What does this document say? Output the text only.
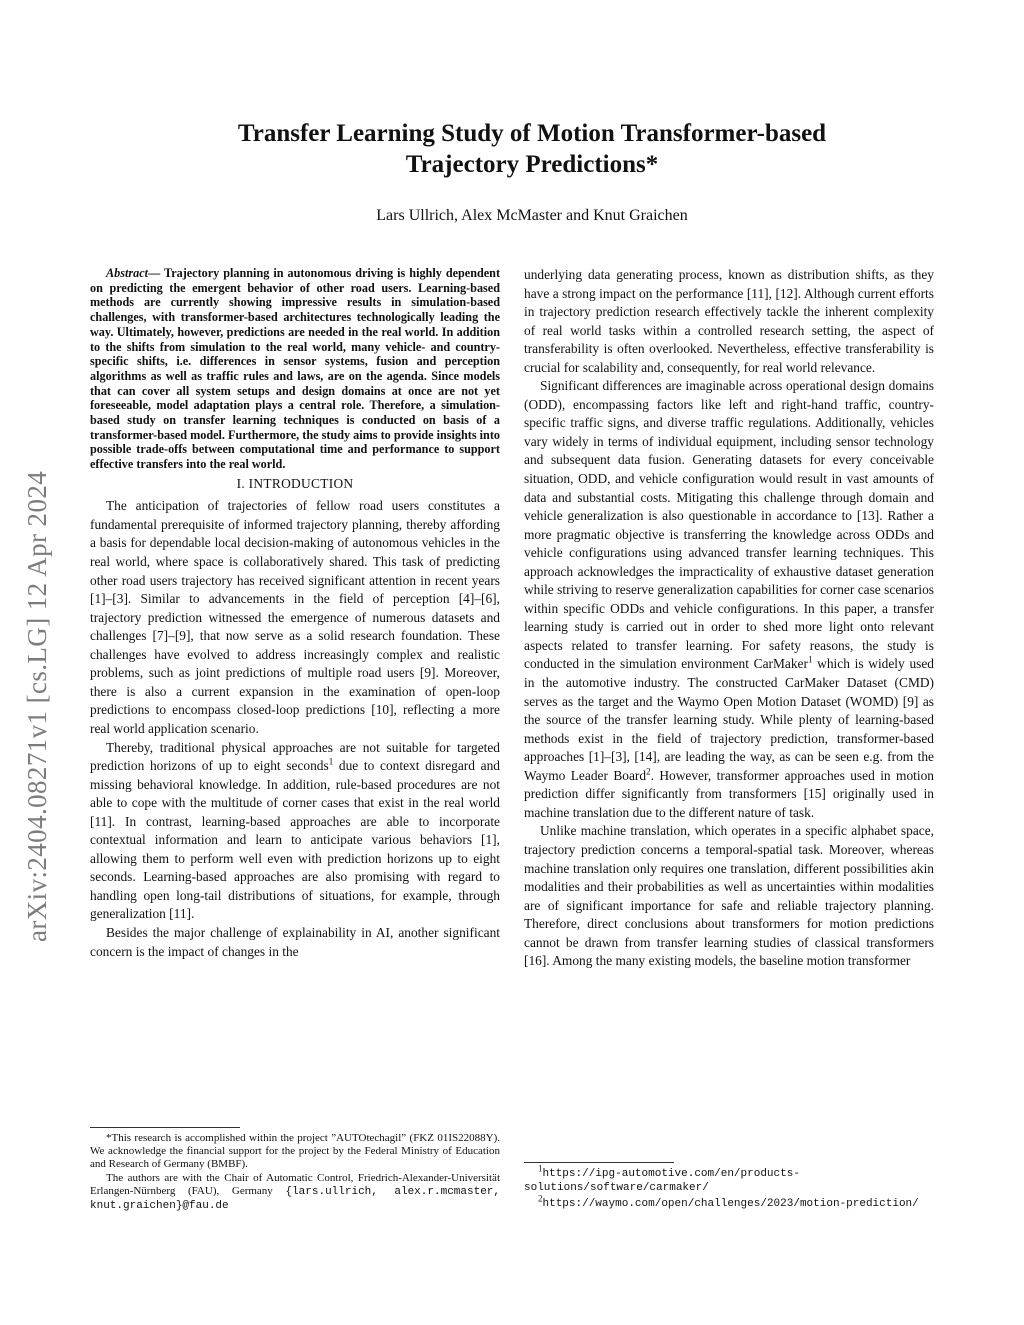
arXiv:2404.08271v1 [cs.LG] 12 Apr 2024
Transfer Learning Study of Motion Transformer-based
Trajectory Predictions*
Lars Ullrich, Alex McMaster and Knut Graichen

Abstract— Trajectory planning in autonomous driving is highly dependent on predicting the emergent behavior of other road users. Learning-based methods are currently showing impressive results in simulation-based challenges, with transformer-based architectures technologically leading the way. Ultimately, however, predictions are needed in the real world. In addition to the shifts from simulation to the real world, many vehicle- and country-specific shifts, i.e. differences in sensor systems, fusion and perception algorithms as well as traffic rules and laws, are on the agenda. Since models that can cover all system setups and design domains at once are not yet foreseeable, model adaptation plays a central role. Therefore, a simulation-based study on transfer learning techniques is conducted on basis of a transformer-based model. Furthermore, the study aims to provide insights into possible trade-offs between computational time and performance to support effective transfers into the real world.

I. INTRODUCTION

The anticipation of trajectories of fellow road users constitutes a fundamental prerequisite of informed trajectory planning, thereby affording a basis for dependable local decision-making of autonomous vehicles in the real world, where space is collaboratively shared. This task of predicting other road users trajectory has received significant attention in recent years [1]–[3]. Similar to advancements in the field of perception [4]–[6], trajectory prediction witnessed the emergence of numerous datasets and challenges [7]–[9], that now serve as a solid research foundation. These challenges have evolved to address increasingly complex and realistic problems, such as joint predictions of multiple road users [9]. Moreover, there is also a current expansion in the examination of open-loop predictions to encompass closed-loop predictions [10], reflecting a more real world application scenario.

Thereby, traditional physical approaches are not suitable for targeted prediction horizons of up to eight seconds$^1$ due to context disregard and missing behavioral knowledge. In addition, rule-based procedures are not able to cope with the multitude of corner cases that exist in the real world [11]. In contrast, learning-based approaches are able to incorporate contextual information and learn to anticipate various behaviors [1], allowing them to perform well even with prediction horizons up to eight seconds. Learning-based approaches are also promising with regard to handling open long-tail distributions of situations, for example, through generalization [11].

Besides the major challenge of explainability in AI, another significant concern is the impact of changes in the

*This research is accomplished within the project ”AUTOtechagil” (FKZ 01IS22088Y). We acknowledge the financial support for the project by the Federal Ministry of Education and Research of Germany (BMBF).

The authors are with the Chair of Automatic Control, Friedrich-Alexander-Universität Erlangen-Nürnberg (FAU), Germany {lars.ullrich, alex.r.mcmaster, knut.graichen}@fau.de

underlying data generating process, known as distribution shifts, as they have a strong impact on the performance [11], [12]. Although current efforts in trajectory prediction research effectively tackle the inherent complexity of real world tasks within a controlled research setting, the aspect of transferability is often overlooked. Nevertheless, effective transferability is crucial for scalability and, consequently, for real world relevance.

Significant differences are imaginable across operational design domains (ODD), encompassing factors like left and right-hand traffic, country-specific traffic signs, and diverse traffic regulations. Additionally, vehicles vary widely in terms of individual equipment, including sensor technology and subsequent data fusion. Generating datasets for every conceivable situation, ODD, and vehicle configuration would result in vast amounts of data and substantial costs. Mitigating this challenge through domain and vehicle generalization is also questionable in accordance to [13]. Rather a more pragmatic objective is transferring the knowledge across ODDs and vehicle configurations using advanced transfer learning techniques. This approach acknowledges the impracticality of exhaustive dataset generation while striving to reserve generalization capabilities for corner case scenarios within specific ODDs and vehicle configurations. In this paper, a transfer learning study is carried out in order to shed more light onto relevant aspects related to transfer learning. For safety reasons, the study is conducted in the simulation environment CarMaker$^1$ which is widely used in the automotive industry. The constructed CarMaker Dataset (CMD) serves as the target and the Waymo Open Motion Dataset (WOMD) [9] as the source of the transfer learning study. While plenty of learning-based methods exist in the field of trajectory prediction, transformer-based approaches [1]–[3], [14], are leading the way, as can be seen e.g. from the Waymo Leader Board$^2$. However, transformer approaches used in motion prediction differ significantly from transformers [15] originally used in machine translation due to the different nature of task.

Unlike machine translation, which operates in a specific alphabet space, trajectory prediction concerns a temporal-spatial task. Moreover, whereas machine translation only requires one translation, different possibilities akin modalities and their probabilities as well as uncertainties within modalities are of significant importance for safe and reliable trajectory planning. Therefore, direct conclusions about transformers for motion predictions cannot be drawn from transfer learning studies of classical transformers [16]. Among the many existing models, the baseline motion transformer

$^1$https://ipg-automotive.com/en/products-solutions/software/carmaker/

$^2$https://waymo.com/open/challenges/2023/motion-prediction/
